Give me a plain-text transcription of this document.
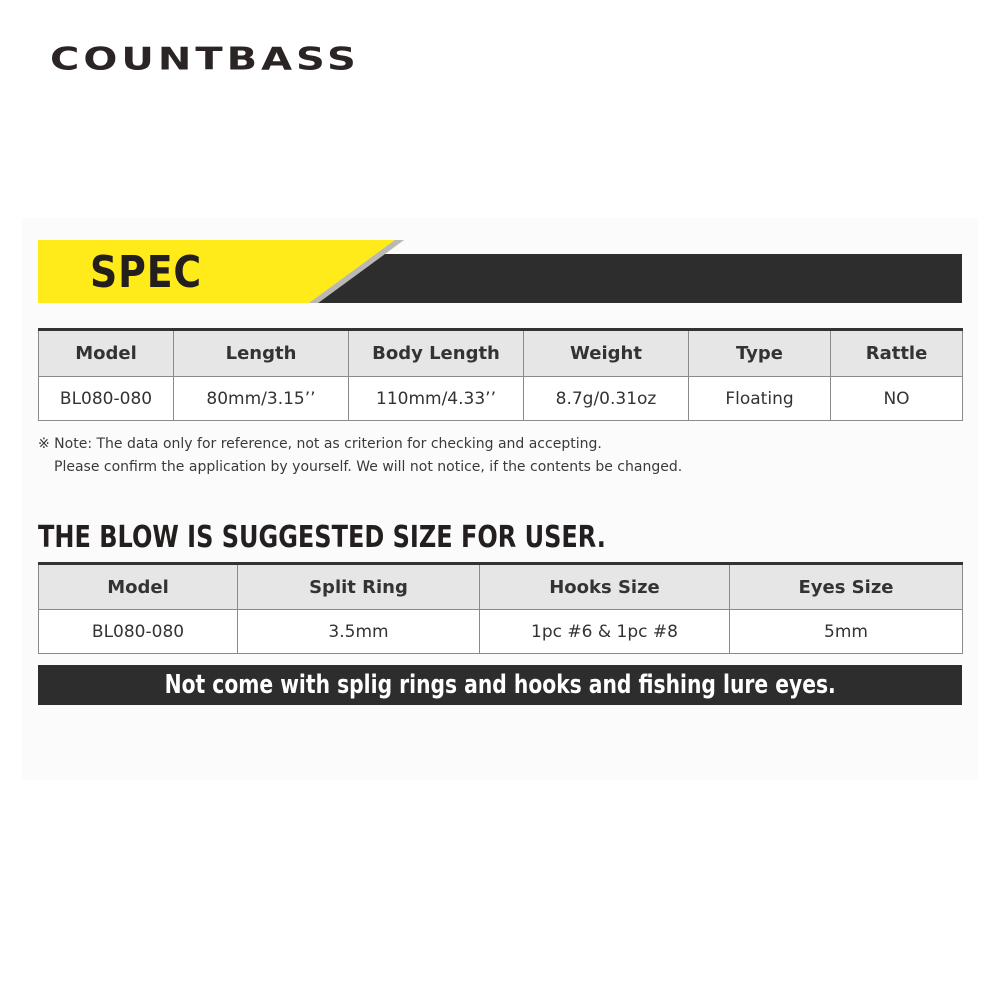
COUNTBASS
SPEC
Model	Length	Body Length	Weight	Type	Rattle
BL080-080	80mm/3.15’’	110mm/4.33’’	8.7g/0.31oz	Floating	NO
※ Note: The data only for reference, not as criterion for checking and accepting.
Please confirm the application by yourself. We will not notice, if the contents be changed.
THE BLOW IS SUGGESTED SIZE FOR USER.
Model	Split Ring	Hooks Size	Eyes Size
BL080-080	3.5mm	1pc #6 & 1pc #8	5mm
Not come with splig rings and hooks and fishing lure eyes.
